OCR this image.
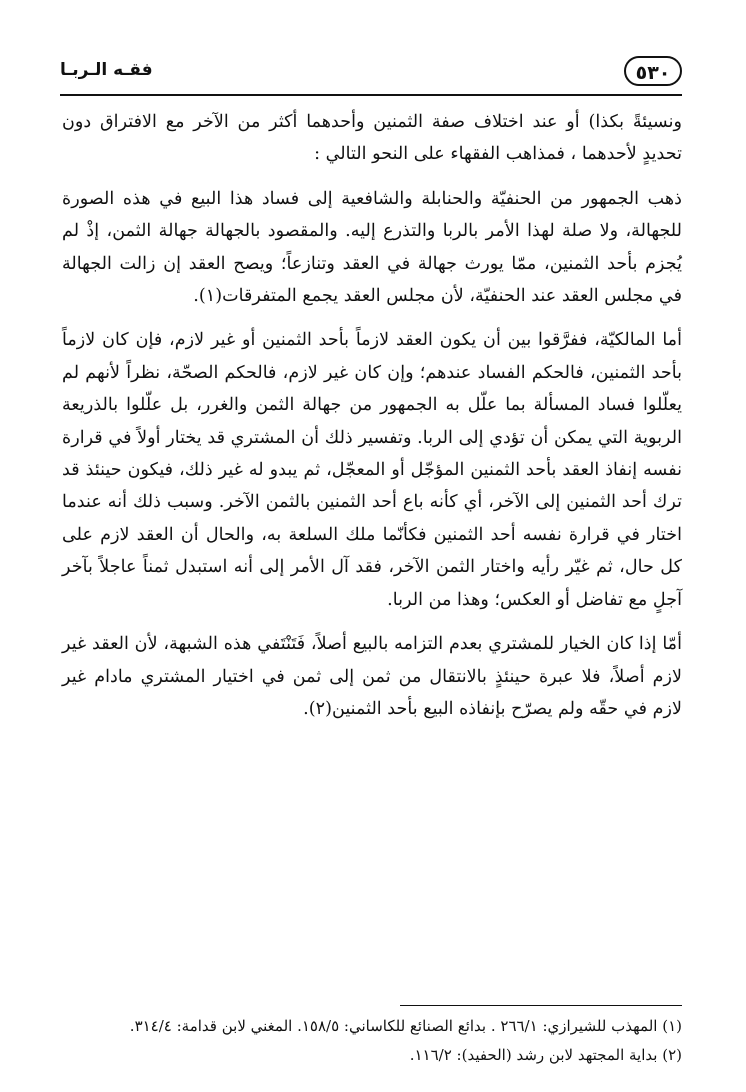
٥٣٠
فقـه الـربـا

ونسيئةً بكذا) أو عند اختلاف صفة الثمنين وأحدهما أكثر من الآخر مع الافتراق دون تحديدٍ لأحدهما ، فمذاهب الفقهاء على النحو التالي :

ذهب الجمهور من الحنفيّة والحنابلة والشافعية إلى فساد هذا البيع في هذه الصورة للجهالة، ولا صلة لهذا الأمر بالربا والتذرع إليه. والمقصود بالجهالة جهالة الثمن، إذْ لم يُجزم بأحد الثمنين، ممّا يورث جهالة في العقد وتنازعاً؛ ويصح العقد إن زالت الجهالة في مجلس العقد عند الحنفيّة، لأن مجلس العقد يجمع المتفرقات(١).

أما المالكيّة، ففرَّقوا بين أن يكون العقد لازماً بأحد الثمنين أو غير لازم، فإن كان لازماً بأحد الثمنين، فالحكم الفساد عندهم؛ وإن كان غير لازم، فالحكم الصحّة، نظراً لأنهم لم يعلّلوا فساد المسألة بما علّل به الجمهور من جهالة الثمن والغرر، بل علّلوا بالذريعة الربوية التي يمكن أن تؤدي إلى الربا. وتفسير ذلك أن المشتري قد يختار أولاً في قرارة نفسه إنفاذ العقد بأحد الثمنين المؤجّل أو المعجّل، ثم يبدو له غير ذلك، فيكون حينئذ قد ترك أحد الثمنين إلى الآخر، أي كأنه باع أحد الثمنين بالثمن الآخر. وسبب ذلك أنه عندما اختار في قرارة نفسه أحد الثمنين فكأنّما ملك السلعة به، والحال أن العقد لازم على كل حال، ثم غيّر رأيه واختار الثمن الآخر، فقد آل الأمر إلى أنه استبدل ثمناً عاجلاً بآخر آجلٍ مع تفاضل أو العكس؛ وهذا من الربا.

أمّا إذا كان الخيار للمشتري بعدم التزامه بالبيع أصلاً، فَتَنْتَفي هذه الشبهة، لأن العقد غير لازم أصلاً، فلا عبرة حينئذٍ بالانتقال من ثمن إلى ثمن في اختيار المشتري مادام غير لازم في حقّه ولم يصرّح بإنفاذه البيع بأحد الثمنين(٢).

(١) المهذب للشيرازي: ٢٦٦/١ . بدائع الصنائع للكاساني: ١٥٨/٥. المغني لابن قدامة: ٣١٤/٤.

(٢) بداية المجتهد لابن رشد (الحفيد): ١١٦/٢.
